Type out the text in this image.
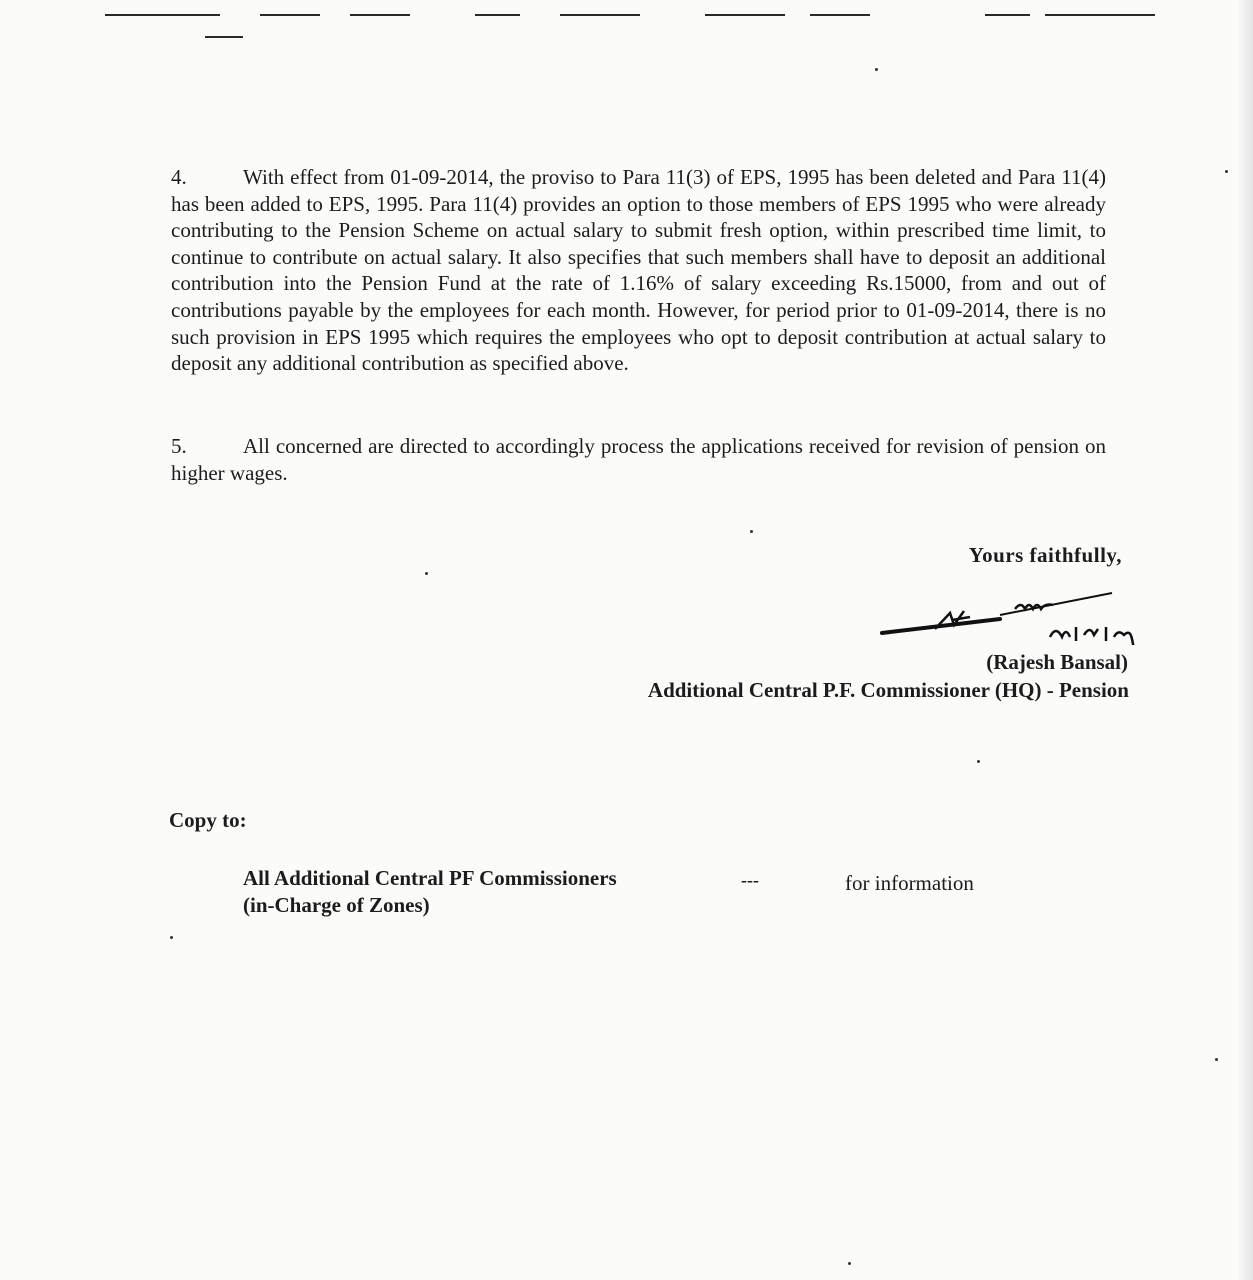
4.	With effect from 01-09-2014, the proviso to Para 11(3) of EPS, 1995 has been deleted and Para 11(4) has been added to EPS, 1995. Para 11(4) provides an option to those members of EPS 1995 who were already contributing to the Pension Scheme on actual salary to submit fresh option, within prescribed time limit, to continue to contribute on actual salary. It also specifies that such members shall have to deposit an additional contribution into the Pension Fund at the rate of 1.16% of salary exceeding Rs.15000, from and out of contributions payable by the employees for each month. However, for period prior to 01-09-2014, there is no such provision in EPS 1995 which requires the employees who opt to deposit contribution at actual salary to deposit any additional contribution as specified above.
5.	All concerned are directed to accordingly process the applications received for revision of pension on higher wages.
Yours faithfully,
(Rajesh Bansal)
Additional Central P.F. Commissioner (HQ) - Pension
Copy to:
All Additional Central PF Commissioners
(in-Charge of Zones)
---	for information
